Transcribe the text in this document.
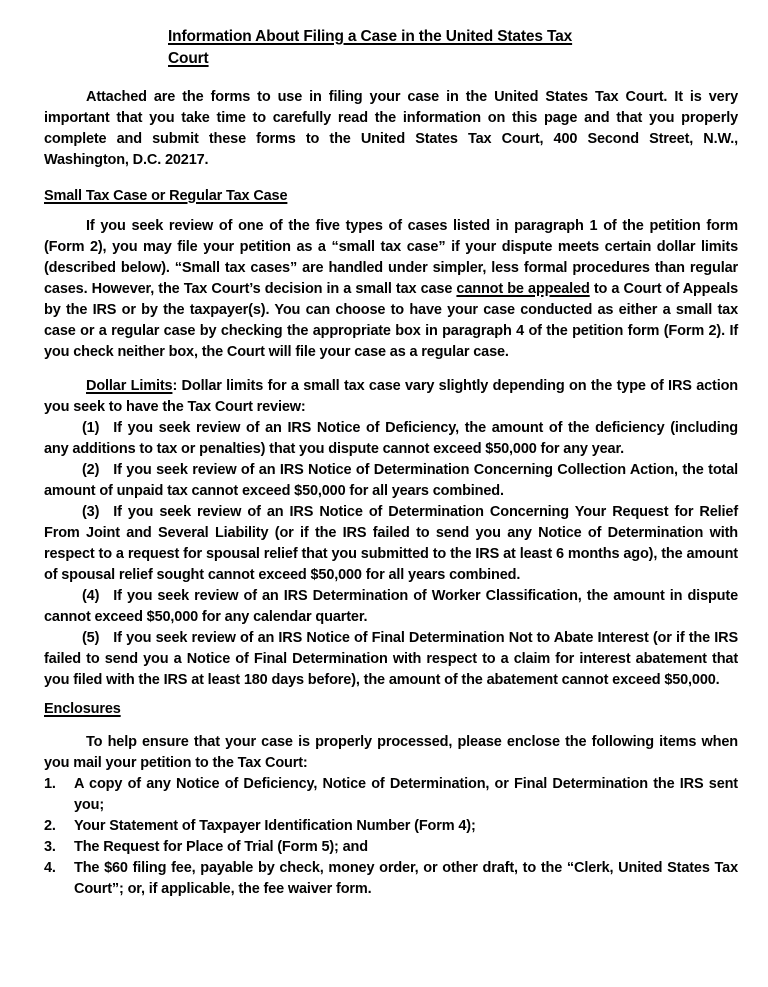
Information About Filing a Case in the United States Tax
Court

Attached are the forms to use in filing your case in the United States Tax Court. It is very important that you take time to carefully read the information on this page and that you properly complete and submit these forms to the United States Tax Court, 400 Second Street, N.W., Washington, D.C. 20217.

Small Tax Case or Regular Tax Case

If you seek review of one of the five types of cases listed in paragraph 1 of the petition form (Form 2), you may file your petition as a “small tax case” if your dispute meets certain dollar limits (described below). “Small tax cases” are handled under simpler, less formal procedures than regular cases. However, the Tax Court’s decision in a small tax case cannot be appealed to a Court of Appeals by the IRS or by the taxpayer(s). You can choose to have your case conducted as either a small tax case or a regular case by checking the appropriate box in paragraph 4 of the petition form (Form 2). If you check neither box, the Court will file your case as a regular case.

Dollar Limits: Dollar limits for a small tax case vary slightly depending on the type of IRS action you seek to have the Tax Court review:

(1) If you seek review of an IRS Notice of Deficiency, the amount of the deficiency (including any additions to tax or penalties) that you dispute cannot exceed $50,000 for any year.

(2) If you seek review of an IRS Notice of Determination Concerning Collection Action, the total amount of unpaid tax cannot exceed $50,000 for all years combined.

(3) If you seek review of an IRS Notice of Determination Concerning Your Request for Relief From Joint and Several Liability (or if the IRS failed to send you any Notice of Determination with respect to a request for spousal relief that you submitted to the IRS at least 6 months ago), the amount of spousal relief sought cannot exceed $50,000 for all years combined.

(4) If you seek review of an IRS Determination of Worker Classification, the amount in dispute cannot exceed $50,000 for any calendar quarter.

(5) If you seek review of an IRS Notice of Final Determination Not to Abate Interest (or if the IRS failed to send you a Notice of Final Determination with respect to a claim for interest abatement that you filed with the IRS at least 180 days before), the amount of the abatement cannot exceed $50,000.

Enclosures

To help ensure that your case is properly processed, please enclose the following items when you mail your petition to the Tax Court:

1.	A copy of any Notice of Deficiency, Notice of Determination, or Final Determination the IRS sent you;
2.	Your Statement of Taxpayer Identification Number (Form 4);
3.	The Request for Place of Trial (Form 5); and
4.	The $60 filing fee, payable by check, money order, or other draft, to the “Clerk, United States Tax Court”; or, if applicable, the fee waiver form.
